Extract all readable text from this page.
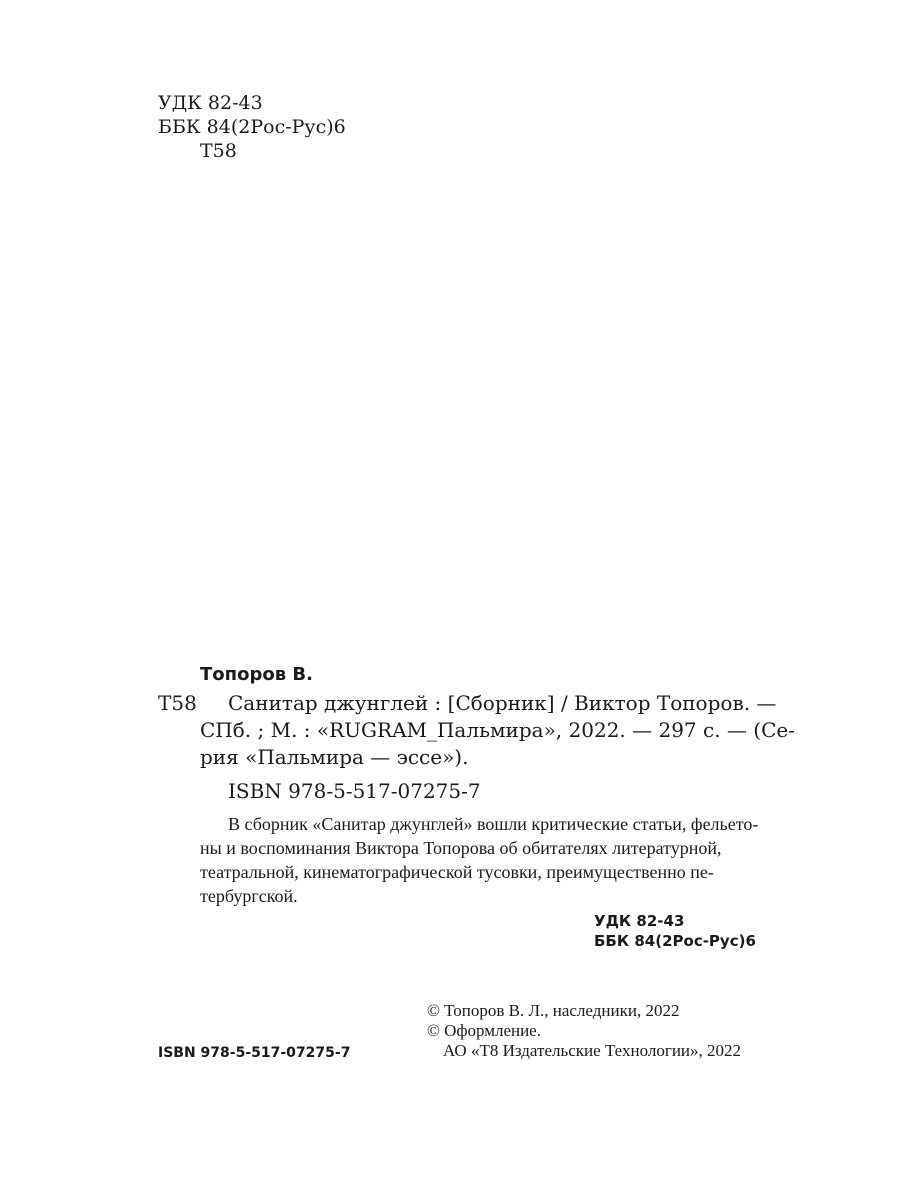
УДК 82-43
ББК 84(2Рос-Рус)6
Т58
Топоров В.
Т58 Санитар джунглей : [Сборник] / Виктор Топоров. —
СПб. ; М. : «RUGRAM_Пальмира», 2022. — 297 с. — (Се-
рия «Пальмира — эссе»).
ISBN 978-5-517-07275-7
В сборник «Санитар джунглей» вошли критические статьи, фельето-
ны и воспоминания Виктора Топорова об обитателях литературной,
театральной, кинематографической тусовки, преимущественно пе-
тербургской.
УДК 82-43
ББК 84(2Рос-Рус)6
© Топоров В. Л., наследники, 2022
© Оформление.
АО «Т8 Издательские Технологии», 2022
ISBN 978-5-517-07275-7
